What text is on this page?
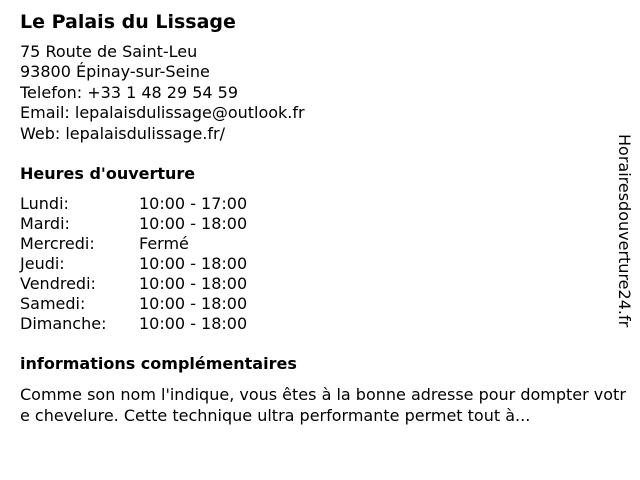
Le Palais du Lissage
75 Route de Saint-Leu
93800 Épinay-sur-Seine
Telefon: +33 1 48 29 54 59
Email: lepalaisdulissage@outlook.fr
Web: lepalaisdulissage.fr/
Heures d'ouverture
Lundi:	10:00 - 17:00
Mardi:	10:00 - 18:00
Mercredi:	Fermé
Jeudi:	10:00 - 18:00
Vendredi:	10:00 - 18:00
Samedi:	10:00 - 18:00
Dimanche:	10:00 - 18:00
informations complémentaires
Comme son nom l'indique, vous êtes à la bonne adresse pour dompter votre chevelure. Cette technique ultra performante permet tout à...
Horairesdouverture24.fr
